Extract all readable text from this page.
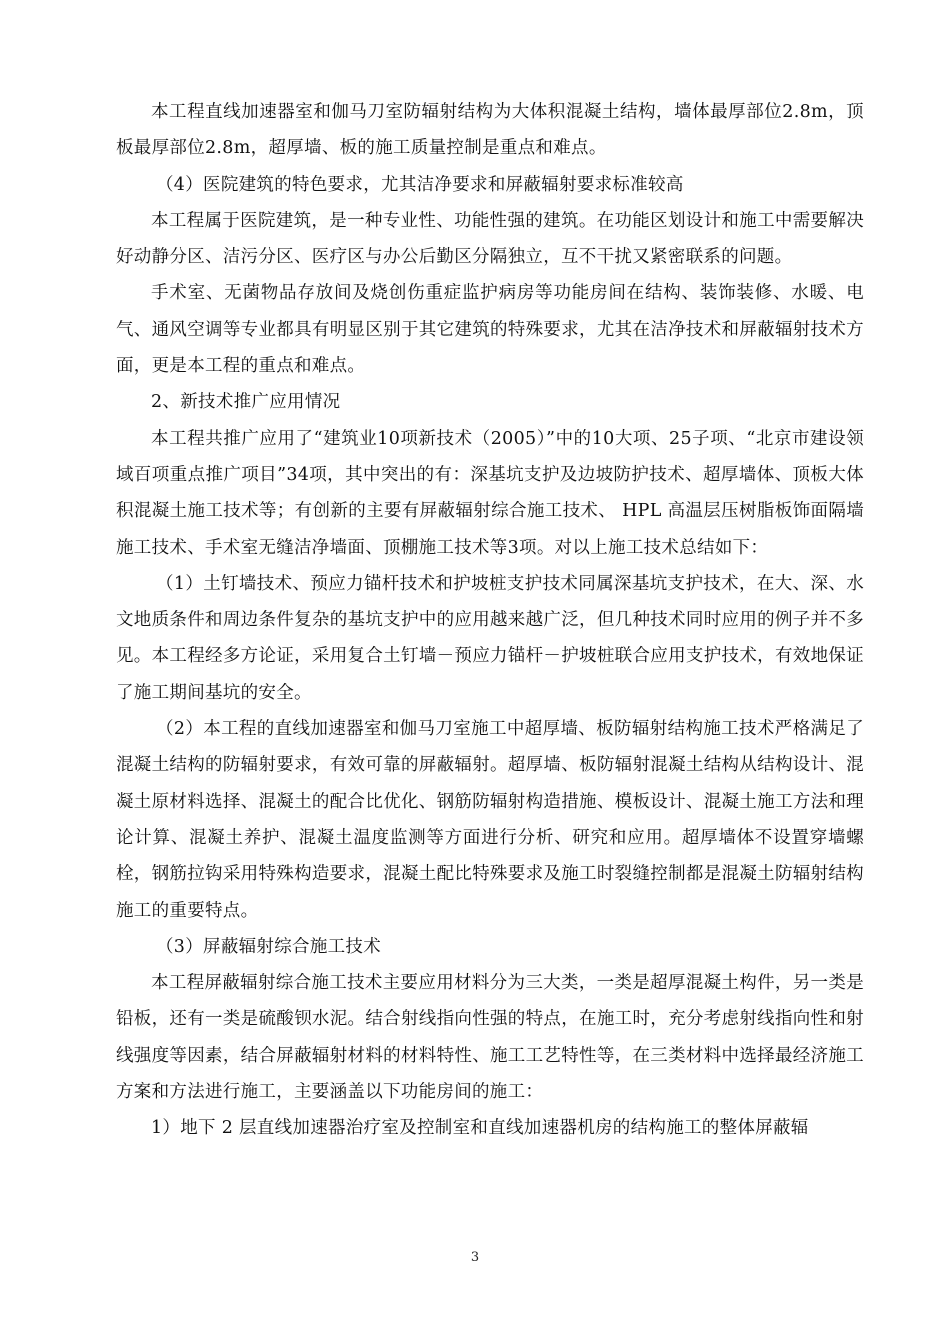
本工程直线加速器室和伽马刀室防辐射结构为大体积混凝土结构，墙体最厚部位2.8m，顶板最厚部位2.8m，超厚墙、板的施工质量控制是重点和难点。

（4）医院建筑的特色要求，尤其洁净要求和屏蔽辐射要求标准较高

本工程属于医院建筑，是一种专业性、功能性强的建筑。在功能区划设计和施工中需要解决好动静分区、洁污分区、医疗区与办公后勤区分隔独立，互不干扰又紧密联系的问题。

手术室、无菌物品存放间及烧创伤重症监护病房等功能房间在结构、装饰装修、水暖、电气、通风空调等专业都具有明显区别于其它建筑的特殊要求，尤其在洁净技术和屏蔽辐射技术方面，更是本工程的重点和难点。

2、新技术推广应用情况

本工程共推广应用了“建筑业10项新技术（2005）”中的10大项、25子项、“北京市建设领域百项重点推广项目”34项，其中突出的有：深基坑支护及边坡防护技术、超厚墙体、顶板大体积混凝土施工技术等；有创新的主要有屏蔽辐射综合施工技术、 HPL 高温层压树脂板饰面隔墙施工技术、手术室无缝洁净墙面、顶棚施工技术等3项。对以上施工技术总结如下：

（1）土钉墙技术、预应力锚杆技术和护坡桩支护技术同属深基坑支护技术，在大、深、水文地质条件和周边条件复杂的基坑支护中的应用越来越广泛，但几种技术同时应用的例子并不多见。本工程经多方论证，采用复合土钉墙－预应力锚杆－护坡桩联合应用支护技术，有效地保证了施工期间基坑的安全。

（2）本工程的直线加速器室和伽马刀室施工中超厚墙、板防辐射结构施工技术严格满足了混凝土结构的防辐射要求，有效可靠的屏蔽辐射。超厚墙、板防辐射混凝土结构从结构设计、混凝土原材料选择、混凝土的配合比优化、钢筋防辐射构造措施、模板设计、混凝土施工方法和理论计算、混凝土养护、混凝土温度监测等方面进行分析、研究和应用。超厚墙体不设置穿墙螺栓，钢筋拉钩采用特殊构造要求，混凝土配比特殊要求及施工时裂缝控制都是混凝土防辐射结构施工的重要特点。

（3）屏蔽辐射综合施工技术

本工程屏蔽辐射综合施工技术主要应用材料分为三大类，一类是超厚混凝土构件，另一类是铅板，还有一类是硫酸钡水泥。结合射线指向性强的特点，在施工时，充分考虑射线指向性和射线强度等因素，结合屏蔽辐射材料的材料特性、施工工艺特性等，在三类材料中选择最经济施工方案和方法进行施工，主要涵盖以下功能房间的施工：

1）地下 2 层直线加速器治疗室及控制室和直线加速器机房的结构施工的整体屏蔽辐

3
